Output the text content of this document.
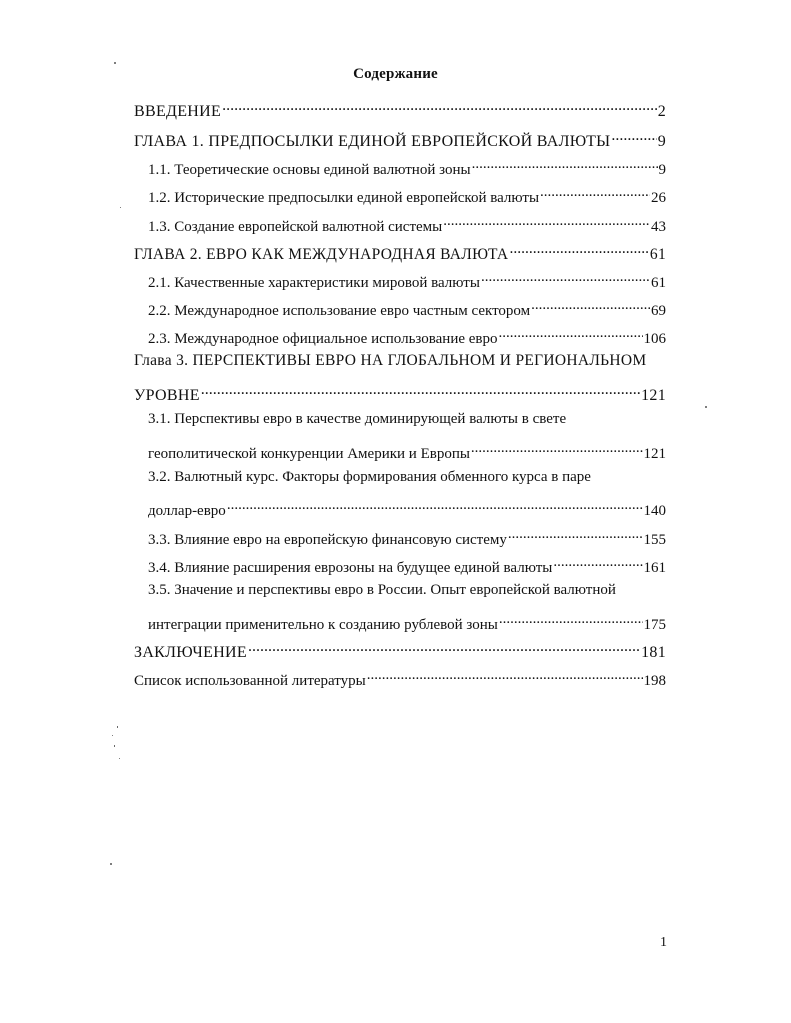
Содержание
ВВЕДЕНИЕ .....	2
ГЛАВА 1. ПРЕДПОСЫЛКИ ЕДИНОЙ ЕВРОПЕЙСКОЙ ВАЛЮТЫ .....	9
1.1. Теоретические основы единой валютной зоны .....	9
1.2. Исторические предпосылки единой европейской валюты .....	26
1.3. Создание европейской валютной системы .....	43
ГЛАВА 2. ЕВРО КАК МЕЖДУНАРОДНАЯ ВАЛЮТА .....	61
2.1. Качественные характеристики мировой валюты .....	61
2.2. Международное использование евро частным сектором .....	69
2.3. Международное официальное использование евро .....	106
Глава 3. ПЕРСПЕКТИВЫ ЕВРО НА ГЛОБАЛЬНОМ И РЕГИОНАЛЬНОМ
УРОВНЕ .....	121
3.1. Перспективы евро в качестве доминирующей валюты в свете
геополитической конкуренции Америки и Европы .....	121
3.2. Валютный курс. Факторы формирования обменного курса в паре
доллар-евро .....	140
3.3. Влияние евро на европейскую финансовую систему .....	155
3.4. Влияние расширения еврозоны на будущее единой валюты .....	161
3.5. Значение и перспективы евро в России. Опыт европейской валютной
интеграции применительно к созданию рублевой зоны .....	175
ЗАКЛЮЧЕНИЕ .....	181
Список использованной литературы .....	198
1
